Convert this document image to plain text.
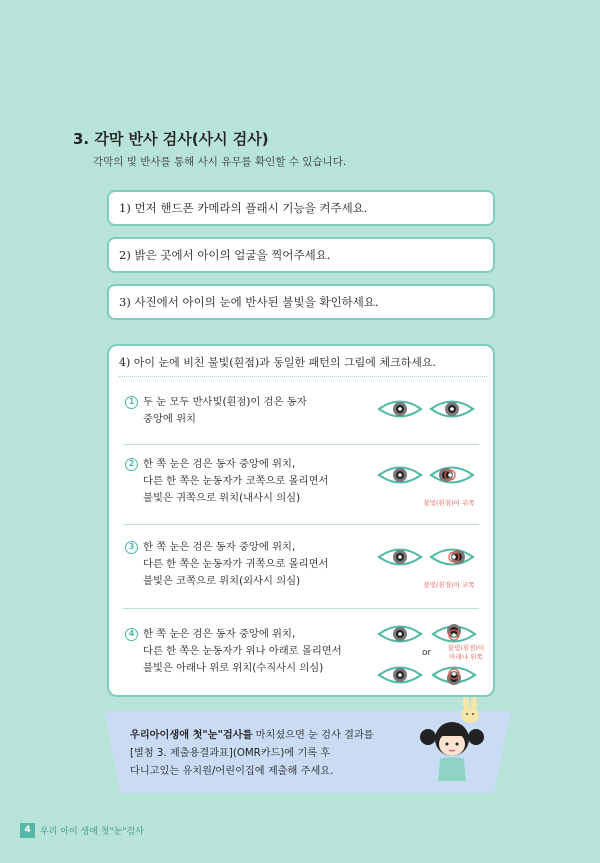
3. 각막 반사 검사(사시 검사)
각막의 빛 반사를 통해 사시 유무를 확인할 수 있습니다.
1) 먼저 핸드폰 카메라의 플래시 기능을 켜주세요.
2) 밝은 곳에서 아이의 얼굴을 찍어주세요.
3) 사진에서 아이의 눈에 반사된 불빛을 확인하세요.
4) 아이 눈에 비친 불빛(흰점)과 동일한 패턴의 그림에 체크하세요.
1 두 눈 모두 반사빛(흰점)이 검은 동자
중앙에 위치
2 한 쪽 눈은 검은 동자 중앙에 위치,
다른 한 쪽은 눈동자가 코쪽으로 몰리면서
불빛은 귀쪽으로 위치(내사시 의심)	불빛(흰점)이 귀쪽
3 한 쪽 눈은 검은 동자 중앙에 위치,
다른 한 쪽은 눈동자가 귀쪽으로 몰리면서
불빛은 코쪽으로 위치(외사시 의심)	불빛(흰점)이 코쪽
4 한 쪽 눈은 검은 동자 중앙에 위치,
다른 한 쪽은 눈동자가 위나 아래로 몰리면서
불빛은 아래나 위로 위치(수직사시 의심)
or	불빛(흰점)이
아래나 위쪽
우리아이생애 첫"눈"검사를 마치셨으면 눈 검사 결과를
[별첨 3. 제출용결과표](OMR카드)에 기록 후
다니고있는 유치원/어린이집에 제출해 주세요.
4	우리 아이 생애 첫"눈"검사
